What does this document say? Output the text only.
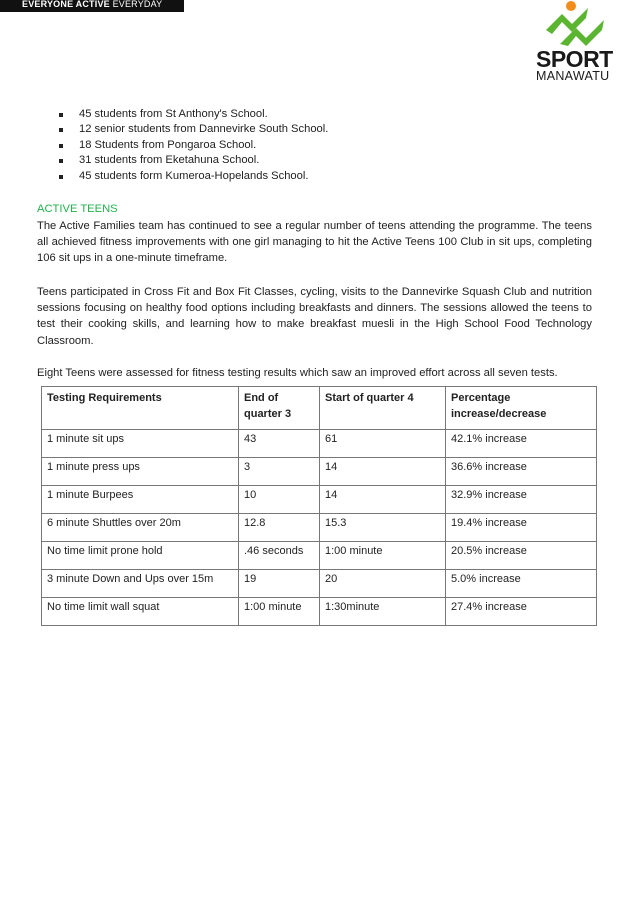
EVERYONE ACTIVE EVERYDAY
SPORT
MANAWATU
45 students from St Anthony's School.
12 senior students from Dannevirke South School.
18 Students from Pongaroa School.
31 students from Eketahuna School.
45 students form Kumeroa-Hopelands School.
ACTIVE TEENS

The Active Families team has continued to see a regular number of teens attending the programme. The teens all achieved fitness improvements with one girl managing to hit the Active Teens 100 Club in sit ups, completing 106 sit ups in a one-minute timeframe.

Teens participated in Cross Fit and Box Fit Classes, cycling, visits to the Dannevirke Squash Club and nutrition sessions focusing on healthy food options including breakfasts and dinners. The sessions allowed the teens to test their cooking skills, and learning how to make breakfast muesli in the High School Food Technology Classroom.

Eight Teens were assessed for fitness testing results which saw an improved effort across all seven tests.

Testing Requirements	End of quarter 3	Start of quarter 4	Percentage increase/decrease
1 minute sit ups	43	61	42.1% increase
1 minute press ups	3	14	36.6% increase
1 minute Burpees	10	14	32.9% increase
6 minute Shuttles over 20m	12.8	15.3	19.4% increase
No time limit prone hold	.46 seconds	1:00 minute	20.5% increase
3 minute Down and Ups over 15m	19	20	5.0% increase
No time limit wall squat	1:00 minute	1:30minute	27.4% increase
